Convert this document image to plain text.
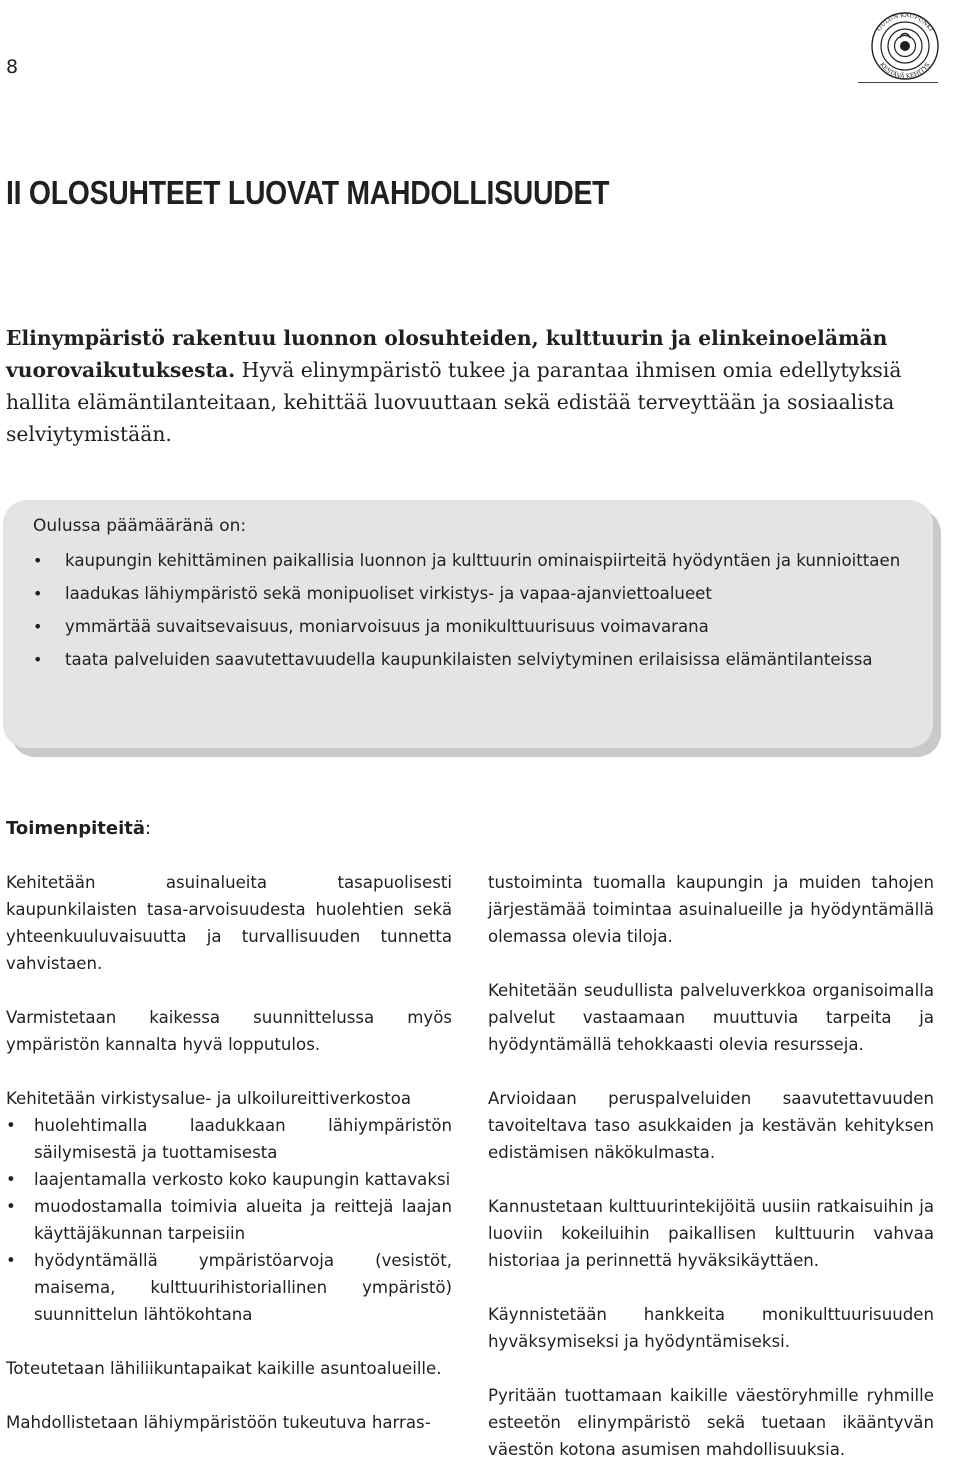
8
OULUN KAUPUNKI
KESTÄVÄ KEHITYS
II OLOSUHTEET LUOVAT MAHDOLLISUUDET

Elinympäristö rakentuu luonnon olosuhteiden, kulttuurin ja elinkeinoelämän vuorovaikutuksesta. Hyvä elinympäristö tukee ja parantaa ihmisen omia edellytyksiä hallita elämäntilanteitaan, kehittää luovuuttaan sekä edistää terveyttään ja sosiaalista selviytymistään.

Oulussa päämääränä on:

• kaupungin kehittäminen paikallisia luonnon ja kulttuurin ominaispiirteitä hyödyntäen ja kunnioittaen
• laadukas lähiympäristö sekä monipuoliset virkistys- ja vapaa-ajanviettoalueet
• ymmärtää suvaitsevaisuus, moniarvoisuus ja monikulttuurisuus voimavarana
• taata palveluiden saavutettavuudella kaupunkilaisten selviytyminen erilaisissa elämäntilanteissa
Toimenpiteitä:

Kehitetään asuinalueita tasapuolisesti kaupunkilaisten tasa-arvoisuudesta huolehtien sekä yhteenkuuluvaisuutta ja turvallisuuden tunnetta vahvistaen.

Varmistetaan kaikessa suunnittelussa myös ympäristön kannalta hyvä lopputulos.

Kehitetään virkistysalue- ja ulkoilureittiverkostoa

• huolehtimalla laadukkaan lähiympäristön säilymisestä ja tuottamisesta
• laajentamalla verkosto koko kaupungin kattavaksi
• muodostamalla toimivia alueita ja reittejä laajan käyttäjäkunnan tarpeisiin
• hyödyntämällä ympäristöarvoja (vesistöt, maisema, kulttuurihistoriallinen ympäristö) suunnittelun lähtökohtana

Toteutetaan lähiliikuntapaikat kaikille asuntoalueille.

Mahdollistetaan lähiympäristöön tukeutuva harras-

tustoiminta tuomalla kaupungin ja muiden tahojen järjestämää toimintaa asuinalueille ja hyödyntämällä olemassa olevia tiloja.

Kehitetään seudullista palveluverkkoa organisoimalla palvelut vastaamaan muuttuvia tarpeita ja hyödyntämällä tehokkaasti olevia resursseja.

Arvioidaan peruspalveluiden saavutettavuuden tavoiteltava taso asukkaiden ja kestävän kehityksen edistämisen näkökulmasta.

Kannustetaan kulttuurintekijöitä uusiin ratkaisuihin ja luoviin kokeiluihin paikallisen kulttuurin vahvaa historiaa ja perinnettä hyväksikäyttäen.

Käynnistetään hankkeita monikulttuurisuuden hyväksymiseksi ja hyödyntämiseksi.

Pyritään tuottamaan kaikille väestöryhmille ryhmille esteetön elinympäristö sekä tuetaan ikääntyvän väestön kotona asumisen mahdollisuuksia.
